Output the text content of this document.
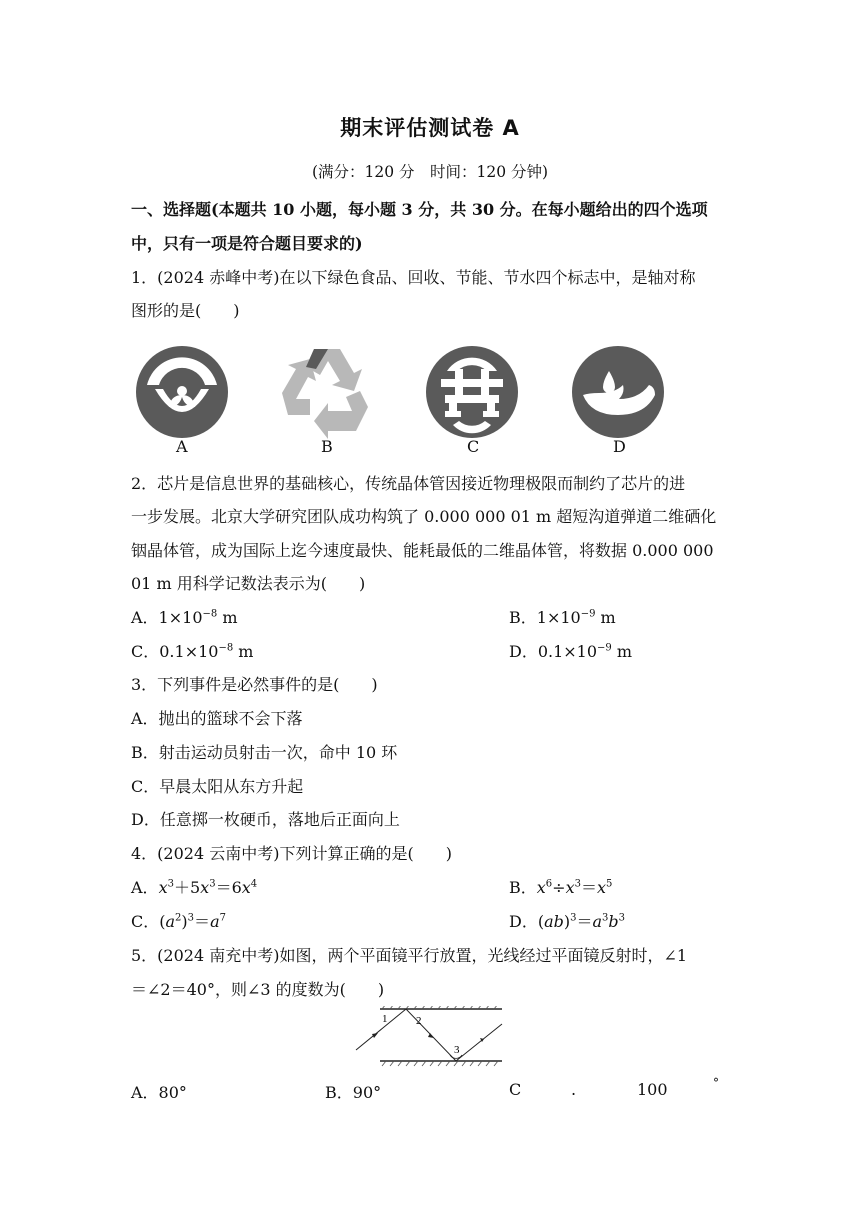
期末评估测试卷 A
(满分：120 分　时间：120 分钟)
一、选择题(本题共 10 小题，每小题 3 分，共 30 分。在每小题给出的四个选项
中，只有一项是符合题目要求的)
1．(2024 赤峰中考)在以下绿色食品、回收、节能、节水四个标志中，是轴对称
图形的是(　　)
A	B	C	D
2．芯片是信息世界的基础核心，传统晶体管因接近物理极限而制约了芯片的进
一步发展。北京大学研究团队成功构筑了 0.000 000 01 m 超短沟道弹道二维硒化
铟晶体管，成为国际上迄今速度最快、能耗最低的二维晶体管，将数据 0.000 000
01 m 用科学记数法表示为(　　)
A．$1\times 10^{-8}$ m	B．$1\times 10^{-9}$ m
C．$0.1\times 10^{-8}$ m	D．$0.1\times 10^{-9}$ m
3．下列事件是必然事件的是(　　)
A．抛出的篮球不会下落
B．射击运动员射击一次，命中 10 环
C．早晨太阳从东方升起
D．任意掷一枚硬币，落地后正面向上
4．(2024 云南中考)下列计算正确的是(　　)
A．$x^3+5x^3=6x^4$	B．$x^6\div x^3=x^5$
C．$(a^2)^3=a^7$	D．$(ab)^3=a^3b^3$
5．(2024 南充中考)如图，两个平面镜平行放置，光线经过平面镜反射时，∠1
＝∠2＝40°，则∠3 的度数为(　　)
1	2
3
A．80°	B．90°	C	.	100	°
